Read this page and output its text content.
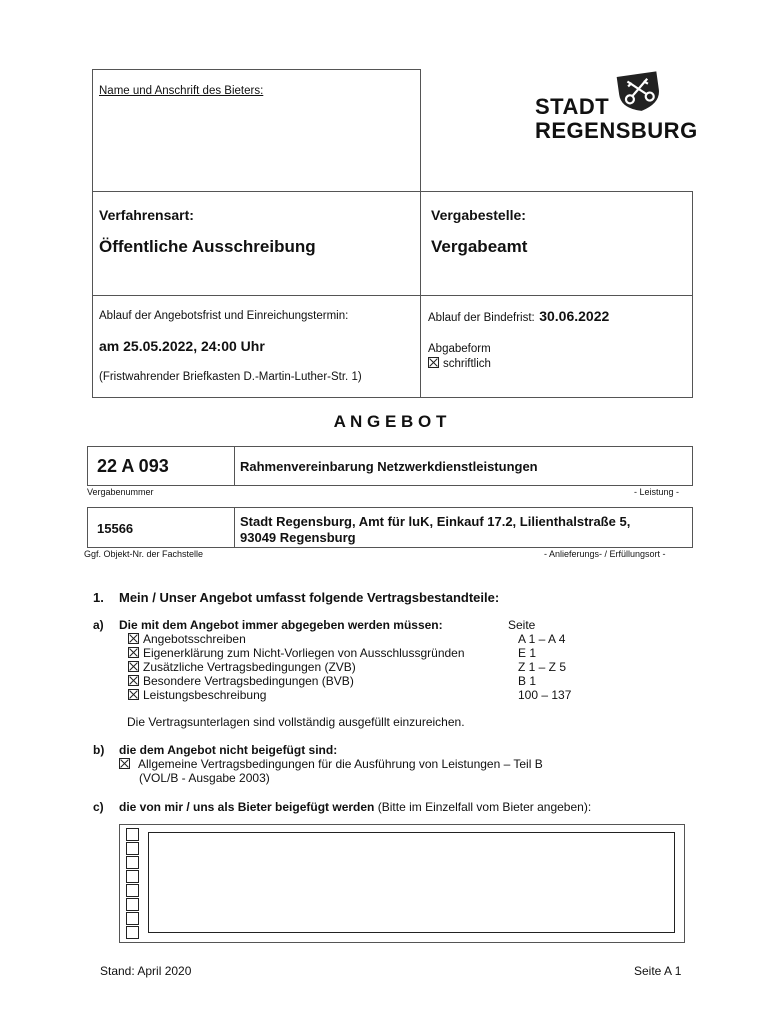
Name und Anschrift des Bieters:
STADT
REGENSBURG
Verfahrensart:
Öffentliche Ausschreibung
Vergabestelle:
Vergabeamt
Ablauf der Angebotsfrist und Einreichungstermin:
am 25.05.2022, 24:00 Uhr
(Fristwahrender Briefkasten D.-Martin-Luther-Str. 1)
Ablauf der Bindefrist: 30.06.2022
Abgabeform
schriftlich
A N G E B O T
22 A 093	Rahmenvereinbarung Netzwerkdienstleistungen
Vergabenummer	- Leistung -
15566	Stadt Regensburg, Amt für luK, Einkauf 17.2, Lilienthalstraße 5,
93049 Regensburg
Ggf. Objekt-Nr. der Fachstelle	- Anlieferungs- / Erfüllungsort -
1. Mein / Unser Angebot umfasst folgende Vertragsbestandteile:
a) Die mit dem Angebot immer abgegeben werden müssen:	Seite
Angebotsschreiben	A 1 – A 4
Eigenerklärung zum Nicht-Vorliegen von Ausschlussgründen	E 1
Zusätzliche Vertragsbedingungen (ZVB)	Z 1 – Z 5
Besondere Vertragsbedingungen (BVB)	B 1
Leistungsbeschreibung	100 – 137
Die Vertragsunterlagen sind vollständig ausgefüllt einzureichen.
b) die dem Angebot nicht beigefügt sind:
Allgemeine Vertragsbedingungen für die Ausführung von Leistungen – Teil B
(VOL/B - Ausgabe 2003)
c) die von mir / uns als Bieter beigefügt werden (Bitte im Einzelfall vom Bieter angeben):
Stand: April 2020	Seite A 1
